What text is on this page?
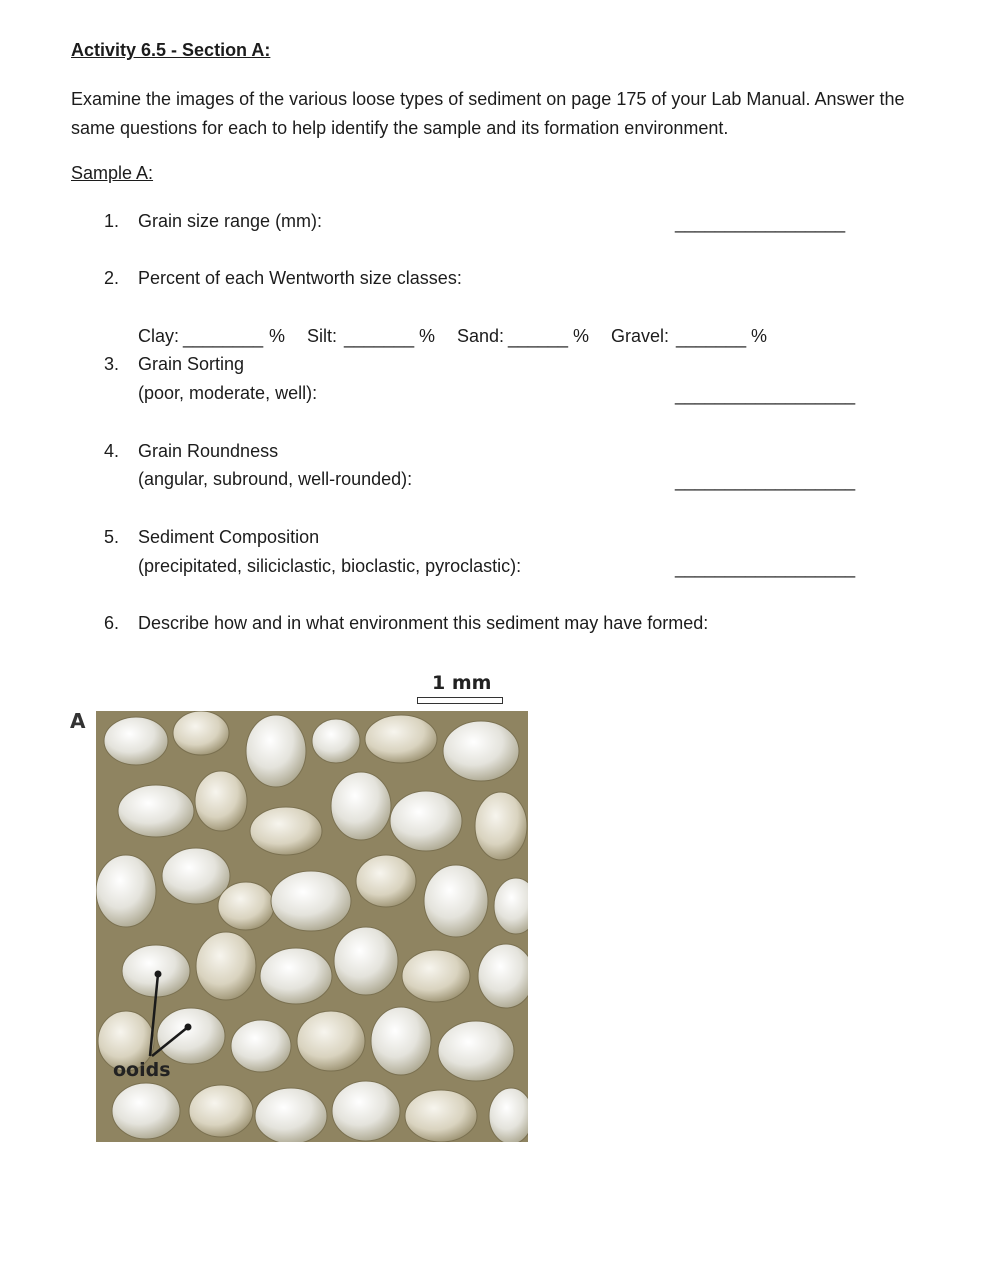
Activity 6.5 - Section A:
Examine the images of the various loose types of sediment on page 175 of your Lab Manual. Answer the same questions for each to help identify the sample and its formation environment.
Sample A:
1. Grain size range (mm):	_________________
2. Percent of each Wentworth size classes:
Clay: ________ % Silt: _______ % Sand: ______ % Gravel: _______ %
3. Grain Sorting
(poor, moderate, well):	__________________
4. Grain Roundness
(angular, subround, well-rounded):	__________________
5. Sediment Composition
(precipitated, siliciclastic, bioclastic, pyroclastic):	__________________
6. Describe how and in what environment this sediment may have formed:
A
1 mm
ooids
